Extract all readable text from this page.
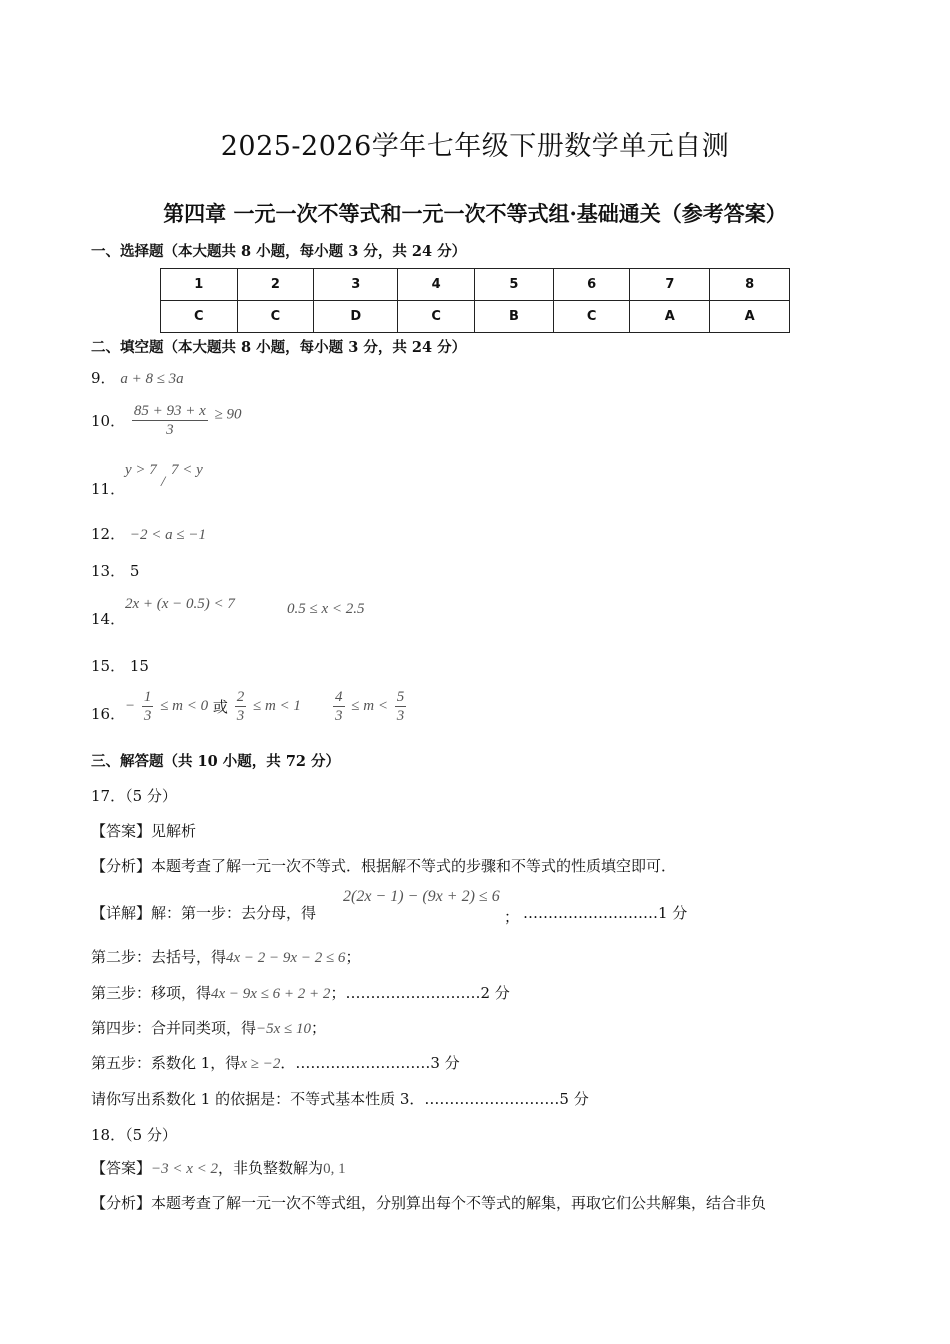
2025-2026学年七年级下册数学单元自测
第四章 一元一次不等式和一元一次不等式组·基础通关（参考答案）
一、选择题（本大题共 8 小题，每小题 3 分，共 24 分）
1	2	3	4	5	6	7	8
C	C	D	C	B	C	A	A
二、填空题（本大题共 8 小题，每小题 3 分，共 24 分）
9． a + 8 ≤ 3a
10． $\frac{85 + 93 + x}{3} \ge 90$
11．
y > 7
/
7 < y
12． −2 < a ≤ −1
13． 5
14．
2x + (x − 0.5) < 7	0.5 ≤ x < 2.5
15． 15
16． − $\frac{1}{3} \le m < 0$ 或 $\frac{2}{3} \le m < 1 \frac{4}{3} \le m < \frac{5}{3}$
三、解答题（共 10 小题，共 72 分）
17．（5 分）
【答案】见解析
【分析】本题考查了解一元一次不等式．根据解不等式的步骤和不等式的性质填空即可．
【详解】 解：第一步：去分母，得
2(2x − 1) − (9x + 2) ≤ 6
； ………………………1 分
第二步：去括号，得4x − 2 − 9x − 2 ≤ 6；
第三步：移项，得4x − 9x ≤ 6 + 2 + 2；………………………2 分
第四步：合并同类项，得−5x ≤ 10；
第五步：系数化 1，得x ≥ −2．………………………3 分
请你写出系数化 1 的依据是：不等式基本性质 3．………………………5 分
18．（5 分）
【答案】−3 < x < 2，非负整数解为0, 1
【分析】本题考查了解一元一次不等式组，分别算出每个不等式的解集，再取它们公共解集，结合非负
